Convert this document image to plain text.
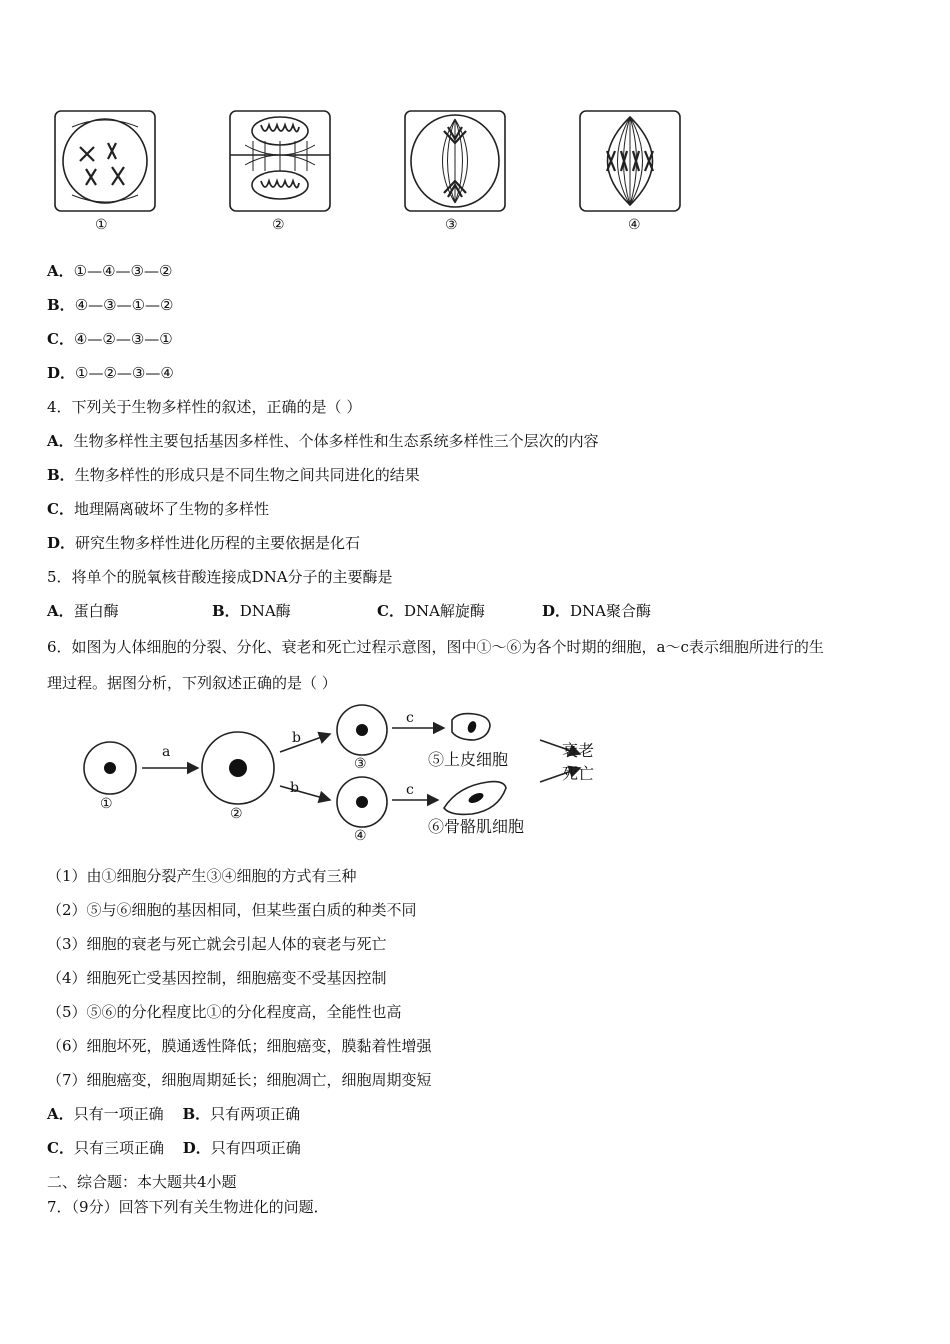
①	②	③	④
A．①—④—③—②
B．④—③—①—②
C．④—②—③—①
D．①—②—③—④
4．下列关于生物多样性的叙述，正确的是（ ）
A．生物多样性主要包括基因多样性、个体多样性和生态系统多样性三个层次的内容
B．生物多样性的形成只是不同生物之间共同进化的结果
C．地理隔离破坏了生物的多样性
D．研究生物多样性进化历程的主要依据是化石
5．将单个的脱氧核苷酸连接成DNA分子的主要酶是
A．蛋白酶	B．DNA酶	C．DNA解旋酶	D．DNA聚合酶
6．如图为人体细胞的分裂、分化、衰老和死亡过程示意图，图中①～⑥为各个时期的细胞，a～c表示细胞所进行的生
理过程。据图分析，下列叙述正确的是（ ）
①
②
③
④
a
b
b
c
c
⑤上皮细胞
⑥骨骼肌细胞
衰老
死亡
（1）由①细胞分裂产生③④细胞的方式有三种
（2）⑤与⑥细胞的基因相同，但某些蛋白质的种类不同
（3）细胞的衰老与死亡就会引起人体的衰老与死亡
（4）细胞死亡受基因控制，细胞癌变不受基因控制
（5）⑤⑥的分化程度比①的分化程度高，全能性也高
（6）细胞坏死，膜通透性降低；细胞癌变，膜黏着性增强
（7）细胞癌变，细胞周期延长；细胞凋亡，细胞周期变短
A．只有一项正确 B．只有两项正确
C．只有三项正确 D．只有四项正确
二、综合题：本大题共4小题
7．（9分）回答下列有关生物进化的问题．
